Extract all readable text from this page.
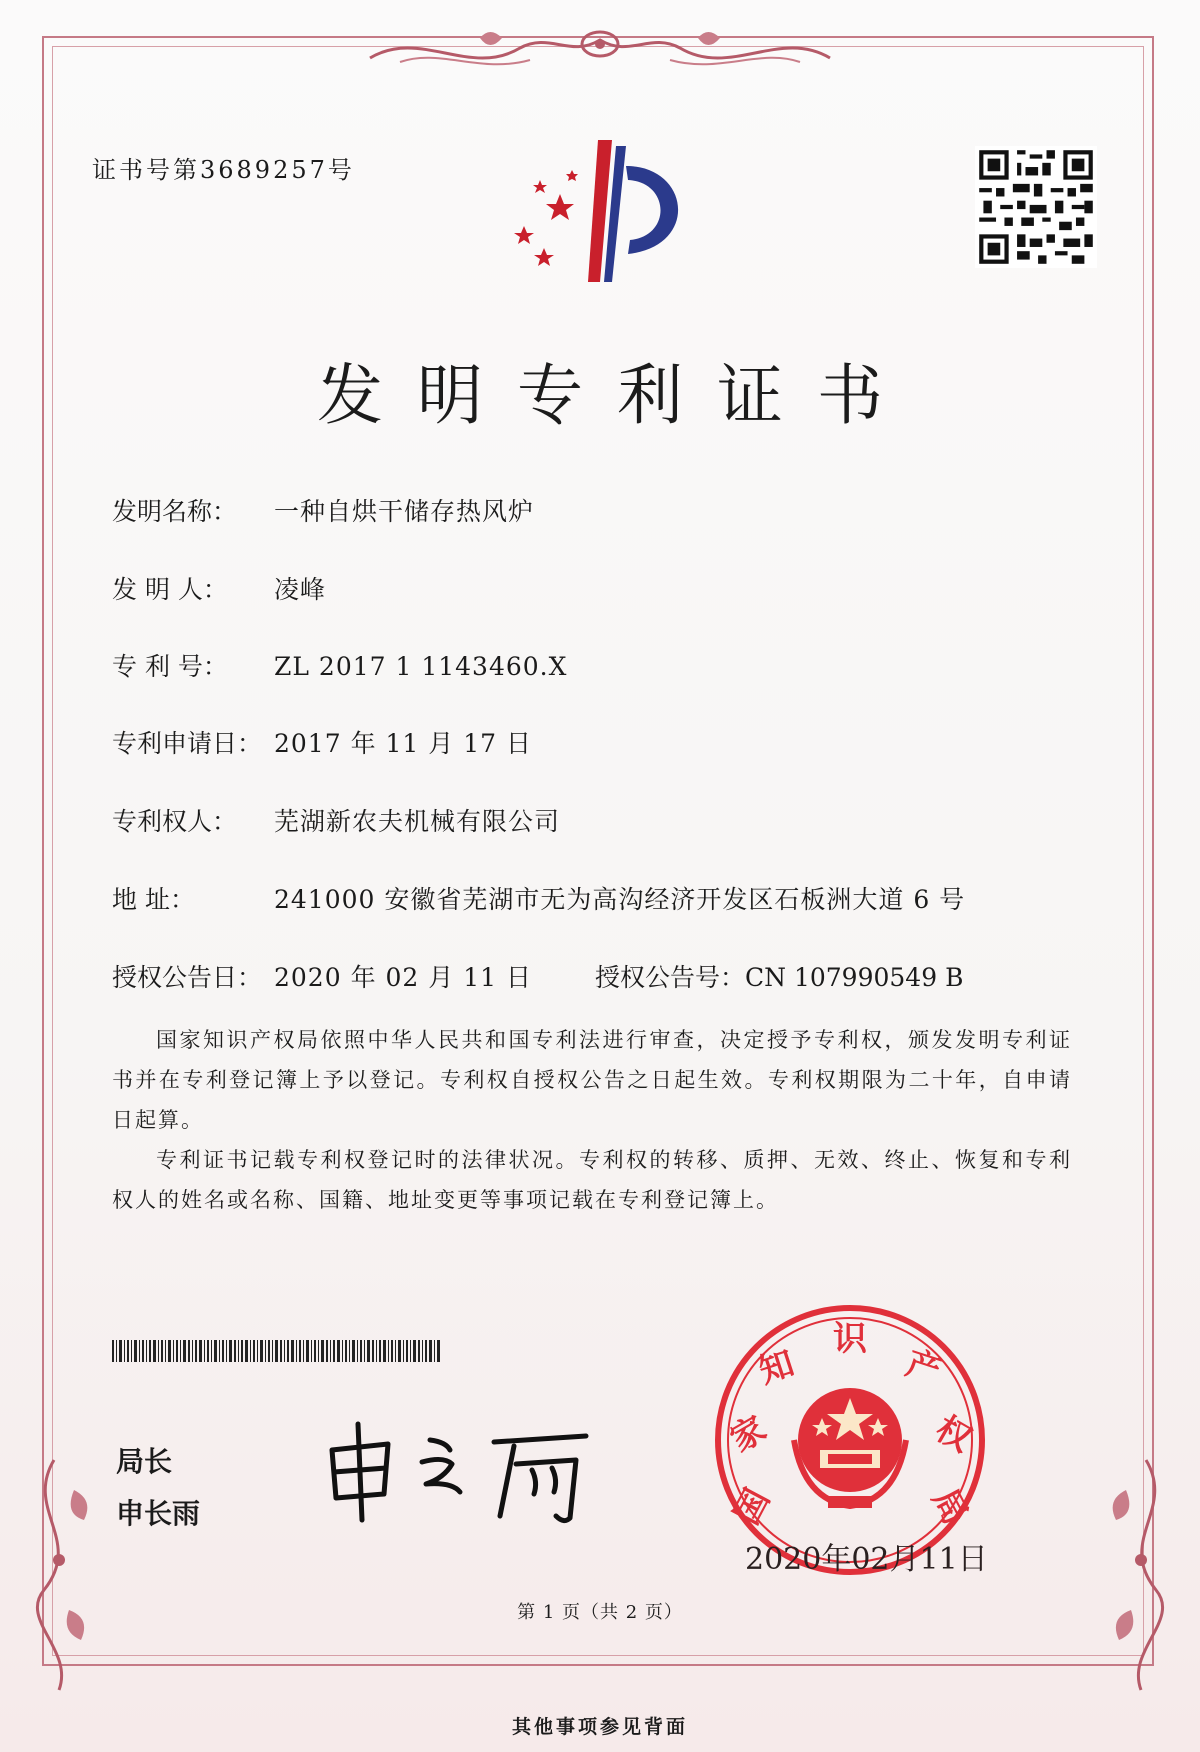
证书号第3689257号
发明专利证书
发明名称： 一种自烘干储存热风炉
发 明 人： 凌峰
专 利 号： ZL 2017 1 1143460.X
专利申请日： 2017 年 11 月 17 日
专利权人： 芜湖新农夫机械有限公司
地 址：	241000 安徽省芜湖市无为高沟经济开发区石板洲大道 6 号
授权公告日： 2020 年 02 月 11 日	授权公告号：CN 107990549 B

国家知识产权局依照中华人民共和国专利法进行审查，决定授予专利权，颁发发明专利证书并在专利登记簿上予以登记。专利权自授权公告之日起生效。专利权期限为二十年，自申请日起算。

专利证书记载专利权登记时的法律状况。专利权的转移、质押、无效、终止、恢复和专利权人的姓名或名称、国籍、地址变更等事项记载在专利登记簿上。

局长
申长雨	国
家
知
识
产
权
局
2020年02月11日
第 1 页（共 2 页）
其他事项参见背面
